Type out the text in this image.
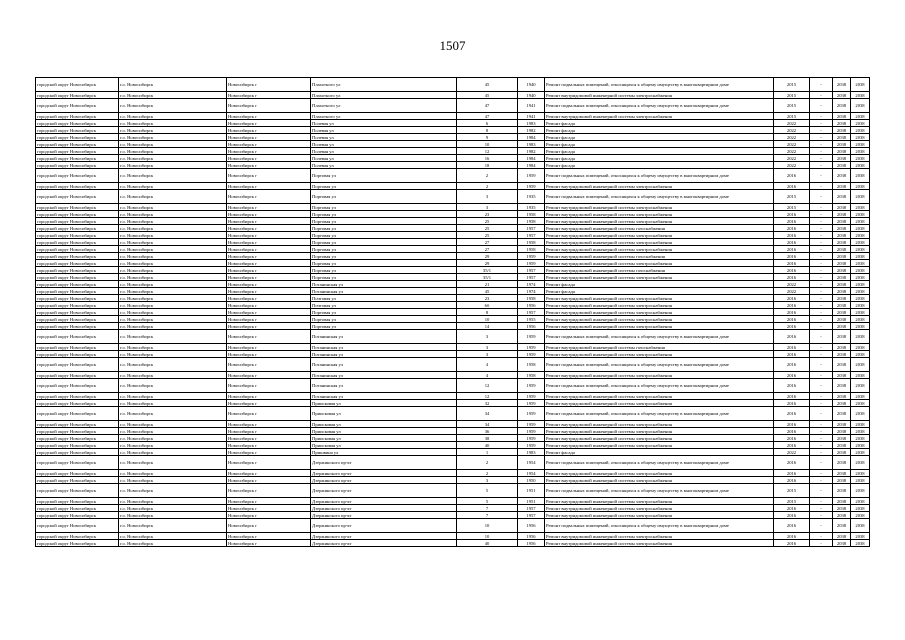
1507
городской округ Новосибирск	г.о. Новосибирск	Новосибирск г	Плахотного ул	45	1940	Ремонт подвальных помещений, относящихся к общему имуществу в многоквартирном доме	2015	-	2038	2038
городской округ Новосибирск	г.о. Новосибирск	Новосибирск г	Плахотного ул	45	1940	Ремонт внутридомовой инженерной системы электроснабжения	2015	-	2038	2038
городской округ Новосибирск	г.о. Новосибирск	Новосибирск г	Плахотного ул	47	1941	Ремонт подвальных помещений, относящихся к общему имуществу в многоквартирном доме	2015	-	2038	2038
городской округ Новосибирск	г.о. Новосибирск	Новосибирск г	Плахотного ул	47	1941	Ремонт внутридомовой инженерной системы электроснабжения	2015	-	2038	2038
городской округ Новосибирск	г.о. Новосибирск	Новосибирск г	Полевая ул	6	1983	Ремонт фасада	2022	-	2038	2038
городской округ Новосибирск	г.о. Новосибирск	Новосибирск г	Полевая ул	8	1982	Ремонт фасада	2022	-	2038	2038
городской округ Новосибирск	г.о. Новосибирск	Новосибирск г	Полевая ул	9	1984	Ремонт фасада	2022	-	2038	2038
городской округ Новосибирск	г.о. Новосибирск	Новосибирск г	Полевая ул	10	1983	Ремонт фасада	2022	-	2038	2038
городской округ Новосибирск	г.о. Новосибирск	Новосибирск г	Полевая ул	12	1982	Ремонт фасада	2022	-	2038	2038
городской округ Новосибирск	г.о. Новосибирск	Новосибирск г	Полевая ул	16	1984	Ремонт фасада	2022	-	2038	2038
городской округ Новосибирск	г.о. Новосибирск	Новосибирск г	Полевая ул	18	1984	Ремонт фасада	2022	-	2038	2038
городской округ Новосибирск	г.о. Новосибирск	Новосибирск г	Портовая ул	2	1959	Ремонт подвальных помещений, относящихся к общему имуществу в многоквартирном доме	2016	-	2038	2038
городской округ Новосибирск	г.о. Новосибирск	Новосибирск г	Портовая ул	2	1959	Ремонт внутридомовой инженерной системы электроснабжения	2016	-	2038	2038
городской округ Новосибирск	г.о. Новосибирск	Новосибирск г	Портовая ул	3	1935	Ремонт подвальных помещений, относящихся к общему имуществу в многоквартирном доме	2015	-	2038	2038
городской округ Новосибирск	г.о. Новосибирск	Новосибирск г	Портовая ул	3	1935	Ремонт внутридомовой инженерной системы электроснабжения	2015	-	2038	2038
городской округ Новосибирск	г.о. Новосибирск	Новосибирск г	Портовая ул	23	1958	Ремонт внутридомовой инженерной системы электроснабжения	2016	-	2038	2038
городской округ Новосибирск	г.о. Новосибирск	Новосибирск г	Портовая ул	25	1958	Ремонт внутридомовой инженерной системы электроснабжения	2016	-	2038	2038
городской округ Новосибирск	г.о. Новосибирск	Новосибирск г	Портовая ул	25	1957	Ремонт внутридомовой инженерной системы газоснабжения	2016	-	2038	2038
городской округ Новосибирск	г.о. Новосибирск	Новосибирск г	Портовая ул	25	1957	Ремонт внутридомовой инженерной системы электроснабжения	2016	-	2038	2038
городской округ Новосибирск	г.о. Новосибирск	Новосибирск г	Портовая ул	27	1958	Ремонт внутридомовой инженерной системы электроснабжения	2016	-	2038	2038
городской округ Новосибирск	г.о. Новосибирск	Новосибирск г	Портовая ул	27	1958	Ремонт внутридомовой инженерной системы электроснабжения	2016	-	2038	2038
городской округ Новосибирск	г.о. Новосибирск	Новосибирск г	Портовая ул	29	1959	Ремонт внутридомовой инженерной системы газоснабжения	2016	-	2038	2038
городской округ Новосибирск	г.о. Новосибирск	Новосибирск г	Портовая ул	29	1959	Ремонт внутридомовой инженерной системы электроснабжения	2016	-	2038	2038
городской округ Новосибирск	г.о. Новосибирск	Новосибирск г	Портовая ул	35/1	1957	Ремонт внутридомовой инженерной системы газоснабжения	2016	-	2038	2038
городской округ Новосибирск	г.о. Новосибирск	Новосибирск г	Портовая ул	35/1	1957	Ремонт внутридомовой инженерной системы электроснабжения	2016	-	2038	2038
городской округ Новосибирск	г.о. Новосибирск	Новосибирск г	Потанинская ул	21	1974	Ремонт фасада	2022	-	2038	2038
городской округ Новосибирск	г.о. Новосибирск	Новосибирск г	Потанинская ул	45	1974	Ремонт фасада	2022	-	2038	2038
городской округ Новосибирск	г.о. Новосибирск	Новосибирск г	Почтовая ул	23	1958	Ремонт внутридомовой инженерной системы электроснабжения	2016	-	2038	2038
городской округ Новосибирск	г.о. Новосибирск	Новосибирск г	Почтовая ул	6б	1956	Ремонт внутридомовой инженерной системы электроснабжения	2016	-	2038	2038
городской округ Новосибирск	г.о. Новосибирск	Новосибирск г	Портовая ул	8	1957	Ремонт внутридомовой инженерной системы электроснабжения	2016	-	2038	2038
городской округ Новосибирск	г.о. Новосибирск	Новосибирск г	Портовая ул	10	1955	Ремонт внутридомовой инженерной системы электроснабжения	2016	-	2038	2038
городской округ Новосибирск	г.о. Новосибирск	Новосибирск г	Портовая ул	14	1956	Ремонт внутридомовой инженерной системы электроснабжения	2016	-	2038	2038
городской округ Новосибирск	г.о. Новосибирск	Новосибирск г	Потанинская ул	3	1959	Ремонт подвальных помещений, относящихся к общему имуществу в многоквартирном доме	2016	-	2038	2038
городской округ Новосибирск	г.о. Новосибирск	Новосибирск г	Потанинская ул	3	1959	Ремонт внутридомовой инженерной системы газоснабжения	2016	-	2038	2038
городской округ Новосибирск	г.о. Новосибирск	Новосибирск г	Потанинская ул	3	1959	Ремонт внутридомовой инженерной системы электроснабжения	2016	-	2038	2038
городской округ Новосибирск	г.о. Новосибирск	Новосибирск г	Потанинская ул	4	1958	Ремонт подвальных помещений, относящихся к общему имуществу в многоквартирном доме	2016	-	2038	2038
городской округ Новосибирск	г.о. Новосибирск	Новосибирск г	Потанинская ул	4	1958	Ремонт внутридомовой инженерной системы электроснабжения	2016	-	2038	2038
городской округ Новосибирск	г.о. Новосибирск	Новосибирск г	Потанинская ул	12	1959	Ремонт подвальных помещений, относящихся к общему имуществу в многоквартирном доме	2016	-	2038	2038
городской округ Новосибирск	г.о. Новосибирск	Новосибирск г	Потанинская ул	12	1959	Ремонт внутридомовой инженерной системы электроснабжения	2016	-	2038	2038
городской округ Новосибирск	г.о. Новосибирск	Новосибирск г	Приисковая ул	32	1959	Ремонт внутридомовой инженерной системы электроснабжения	2016	-	2038	2038
городской округ Новосибирск	г.о. Новосибирск	Новосибирск г	Приисковая ул	34	1959	Ремонт подвальных помещений, относящихся к общему имуществу в многоквартирном доме	2016	-	2038	2038
городской округ Новосибирск	г.о. Новосибирск	Новосибирск г	Приисковая ул	34	1959	Ремонт внутридомовой инженерной системы электроснабжения	2016	-	2038	2038
городской округ Новосибирск	г.о. Новосибирск	Новосибирск г	Приисковая ул	36	1959	Ремонт внутридомовой инженерной системы электроснабжения	2016	-	2038	2038
городской округ Новосибирск	г.о. Новосибирск	Новосибирск г	Приисковая ул	38	1959	Ремонт внутридомовой инженерной системы электроснабжения	2016	-	2038	2038
городской округ Новосибирск	г.о. Новосибирск	Новосибирск г	Приисковая ул	40	1959	Ремонт внутридомовой инженерной системы электроснабжения	2016	-	2038	2038
городской округ Новосибирск	г.о. Новосибирск	Новосибирск г	Пришвина ул	1	1983	Ремонт фасада	2022	-	2038	2038
городской округ Новосибирск	г.о. Новосибирск	Новосибирск г	Дзержинского пр-кт	2	1954	Ремонт подвальных помещений, относящихся к общему имуществу в многоквартирном доме	2016	-	2038	2038
городской округ Новосибирск	г.о. Новосибирск	Новосибирск г	Дзержинского пр-кт	2	1954	Ремонт внутридомовой инженерной системы электроснабжения	2016	-	2038	2038
городской округ Новосибирск	г.о. Новосибирск	Новосибирск г	Дзержинского пр-кт	3	1950	Ремонт внутридомовой инженерной системы электроснабжения	2016	-	2038	2038
городской округ Новосибирск	г.о. Новосибирск	Новосибирск г	Дзержинского пр-кт	5	1951	Ремонт подвальных помещений, относящихся к общему имуществу в многоквартирном доме	2015	-	2038	2038
городской округ Новосибирск	г.о. Новосибирск	Новосибирск г	Дзержинского пр-кт	5	1951	Ремонт внутридомовой инженерной системы электроснабжения	2015	-	2038	2038
городской округ Новосибирск	г.о. Новосибирск	Новосибирск г	Дзержинского пр-кт	7	1957	Ремонт внутридомовой инженерной системы электроснабжения	2016	-	2038	2038
городской округ Новосибирск	г.о. Новосибирск	Новосибирск г	Дзержинского пр-кт	7	1957	Ремонт внутридомовой инженерной системы электроснабжения	2016	-	2038	2038
городской округ Новосибирск	г.о. Новосибирск	Новосибирск г	Дзержинского пр-кт	10	1956	Ремонт подвальных помещений, относящихся к общему имуществу в многоквартирном доме	2016	-	2038	2038
городской округ Новосибирск	г.о. Новосибирск	Новосибирск г	Дзержинского пр-кт	10	1956	Ремонт внутридомовой инженерной системы электроснабжения	2016	-	2038	2038
городской округ Новосибирск	г.о. Новосибирск	Новосибирск г	Дзержинского пр-кт	40	1956	Ремонт внутридомовой инженерной системы электроснабжения	2016	-	2038	2038
